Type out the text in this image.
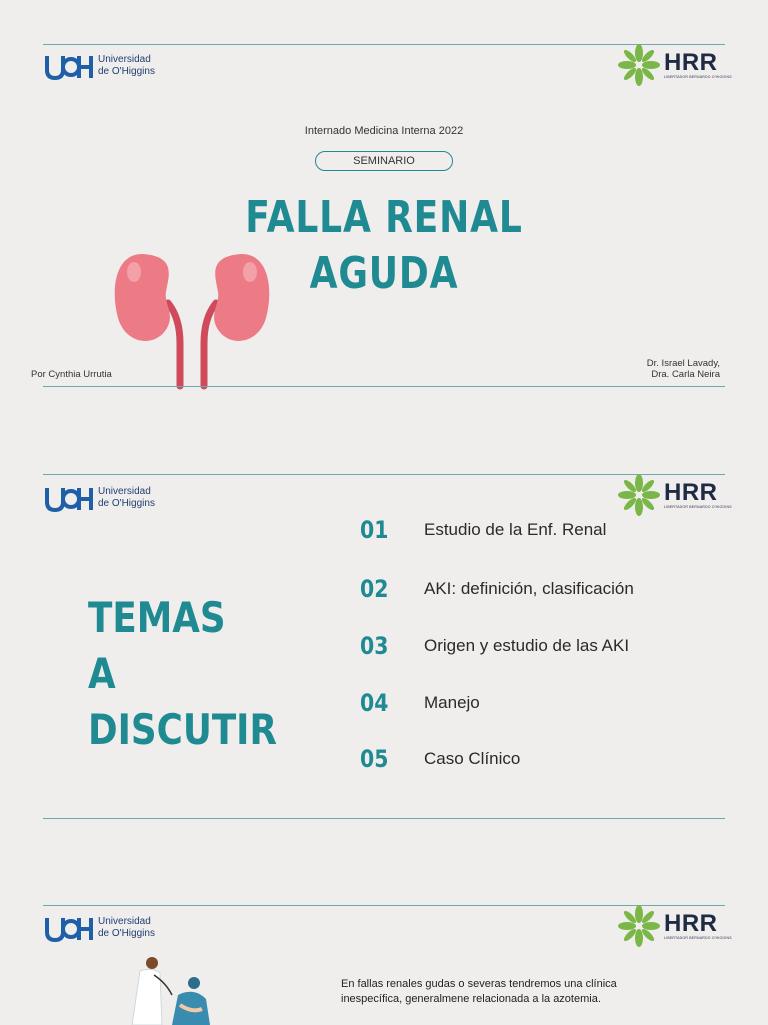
Universidad
de O'Higgins	HRR
LIBERTADOR BERNARDO O'HIGGINS
Internado Medicina Interna 2022
SEMINARIO
FALLA RENAL
AGUDA
Por Cynthia Urrutia
Dr. Israel Lavady,
Dra. Carla Neira
Universidad
de O'Higgins	HRR
LIBERTADOR BERNARDO O'HIGGINS
TEMAS A
DISCUTIR
01	Estudio de la Enf. Renal
02	AKI: definición, clasificación
03	Origen y estudio de las AKI
04	Manejo
05	Caso Clínico
Universidad
de O'Higgins	HRR
LIBERTADOR BERNARDO O'HIGGINS
En fallas renales gudas o severas tendremos una clínica inespecífica, generalmene relacionada a la azotemia.
